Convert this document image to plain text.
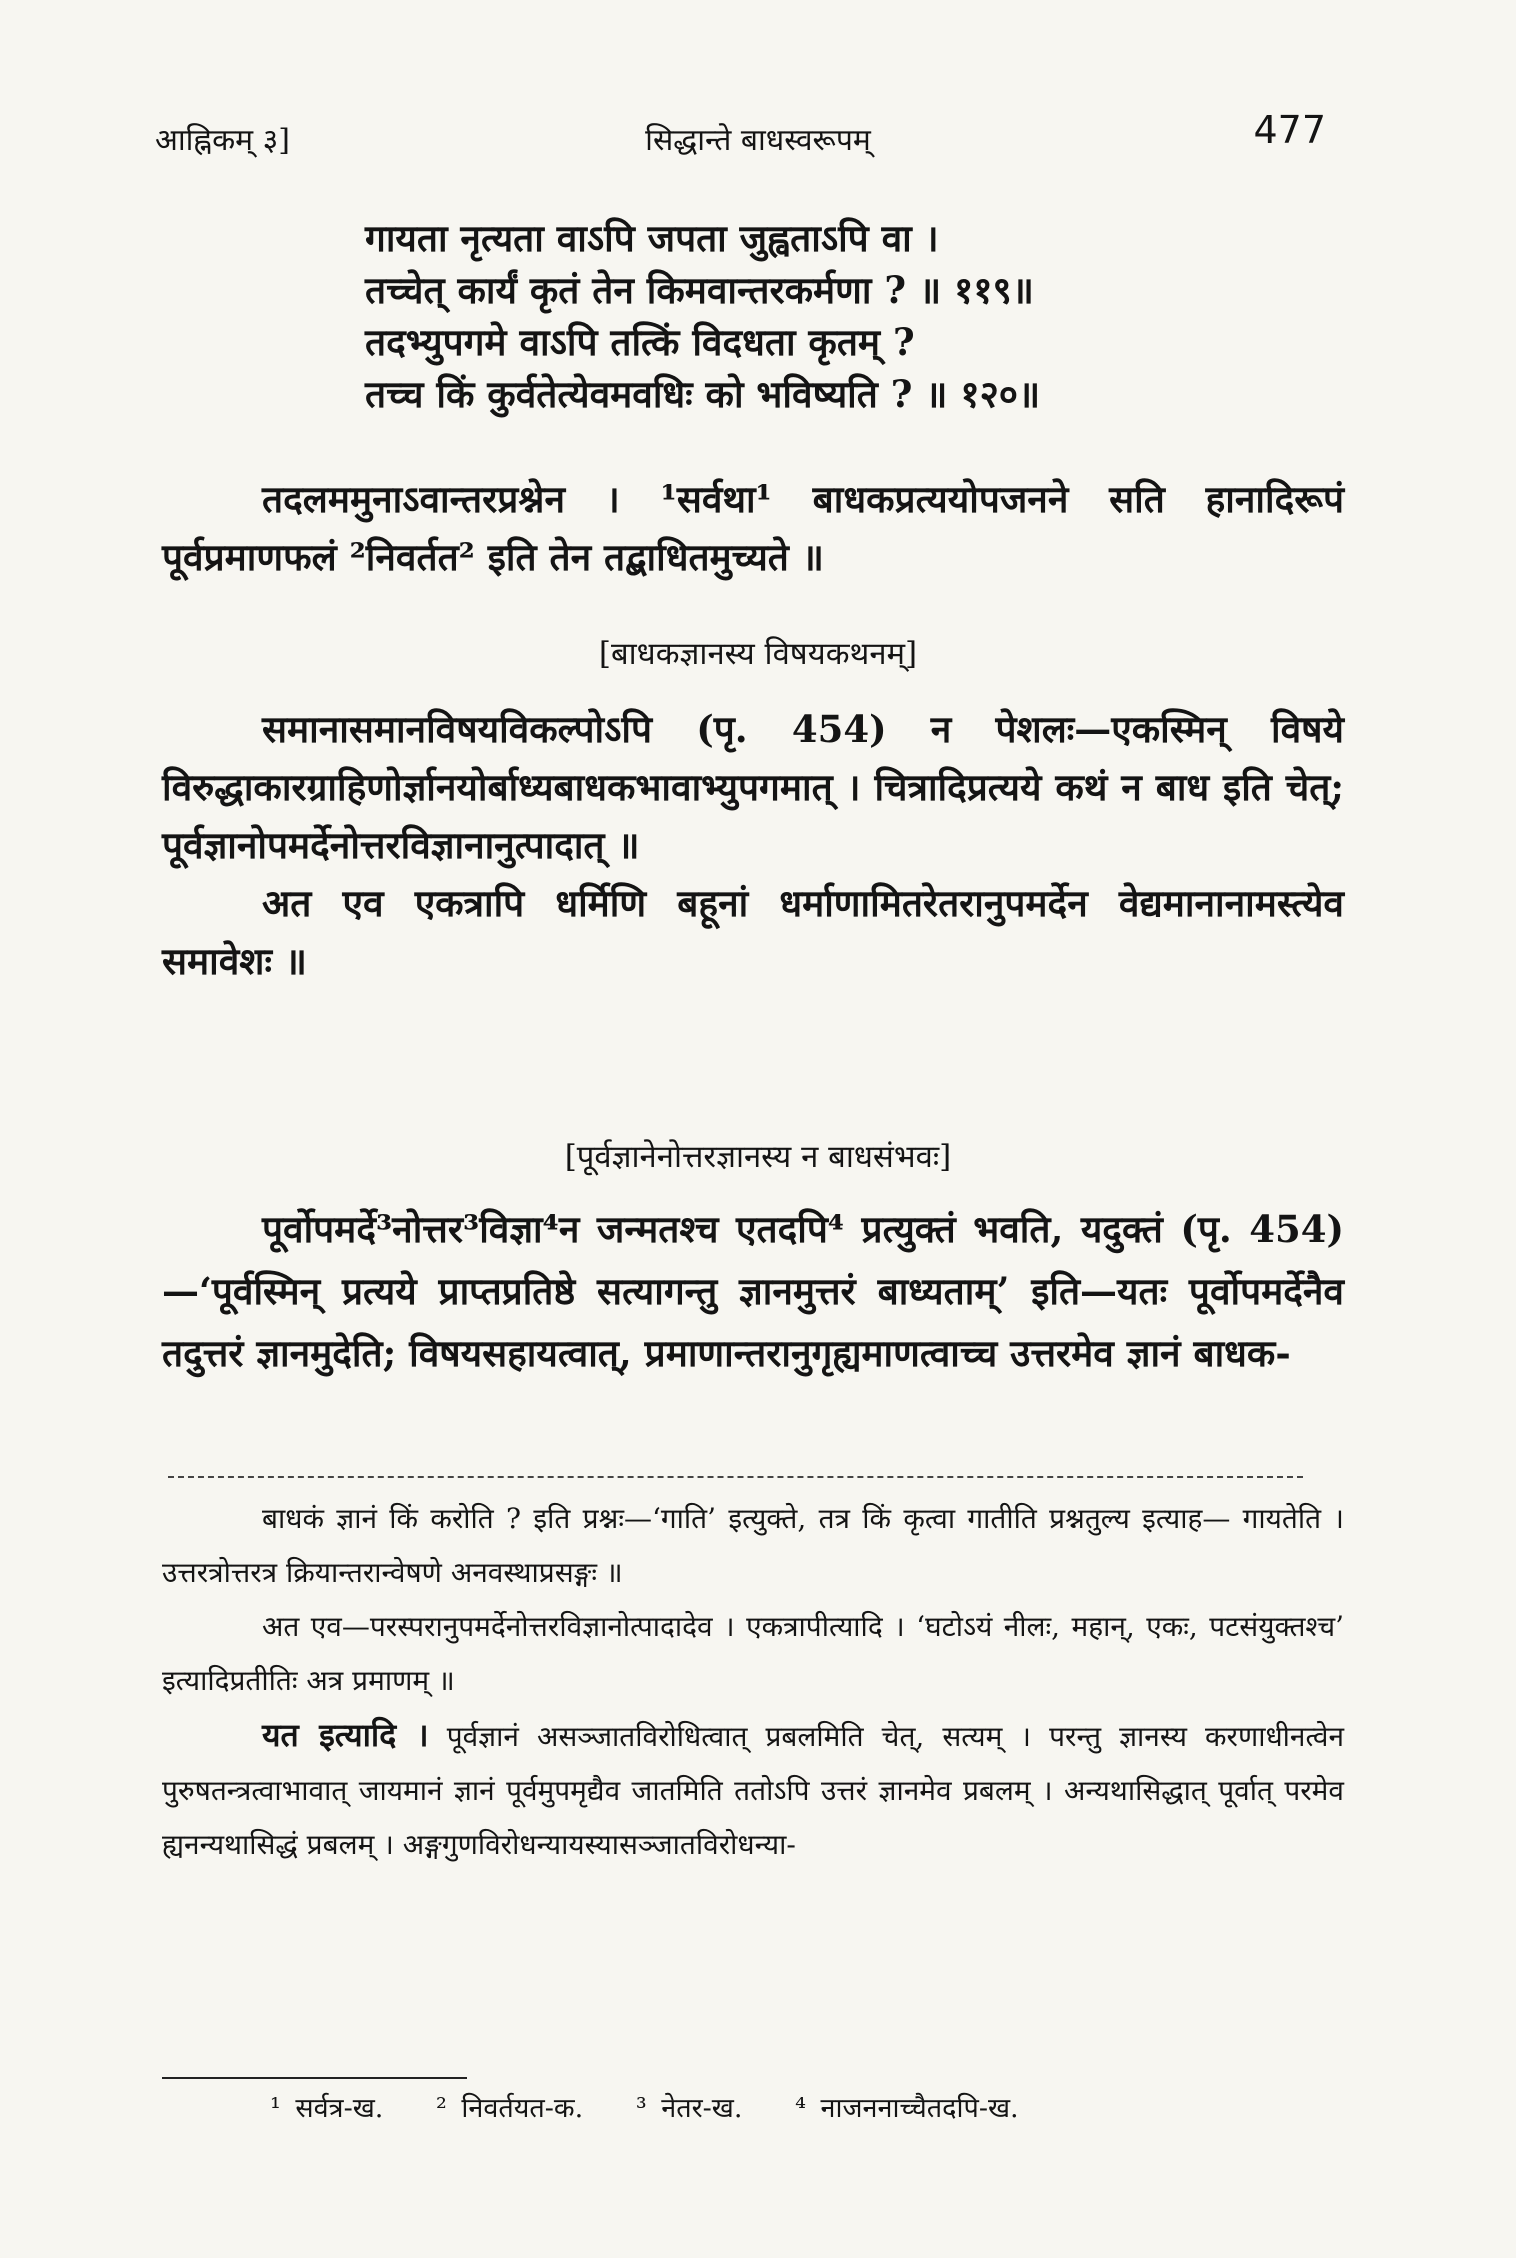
आह्निकम् ३]	सिद्धान्ते बाधस्वरूपम्	477
गायता नृत्यता वाऽपि जपता जुह्वताऽपि वा ।
तच्चेत् कार्यं कृतं तेन किमवान्तरकर्मणा ? ॥ ११९॥
तदभ्युपगमे वाऽपि तत्किं विदधता कृतम् ?
तच्च किं कुर्वतेत्येवमवधिः को भविष्यति ? ॥ १२०॥

तदलममुनाऽवान्तरप्रश्नेन । ¹सर्वथा¹ बाधकप्रत्ययोपजनने सति हानादिरूपं पूर्वप्रमाणफलं ²निवर्तत² इति तेन तद्बाधितमुच्यते ॥

[बाधकज्ञानस्य विषयकथनम्]

समानासमानविषयविकल्पोऽपि (पृ. 454) न पेशलः—एकस्मिन् विषये विरुद्धाकारग्राहिणोर्ज्ञानयोर्बाध्यबाधकभावाभ्युपगमात् । चित्रादिप्रत्यये कथं न बाध इति चेत्; पूर्वज्ञानोपमर्देनोत्तरविज्ञानानुत्पादात् ॥

अत एव एकत्रापि धर्मिणि बहूनां धर्माणामितरेतरानुपमर्देन वेद्यमानानामस्त्येव समावेशः ॥

[पूर्वज्ञानेनोत्तरज्ञानस्य न बाधसंभवः]

पूर्वोपमर्दे³नोत्तर³विज्ञा⁴न जन्मतश्च एतदपि⁴ प्रत्युक्तं भवति, यदुक्तं (पृ. 454)—‘पूर्वस्मिन् प्रत्यये प्राप्तप्रतिष्ठे सत्यागन्तु ज्ञानमुत्तरं बाध्यताम्’ इति—यतः पूर्वोपमर्देनैव तदुत्तरं ज्ञानमुदेति; विषयसहायत्वात्, प्रमाणान्तरानुगृह्यमाणत्वाच्च उत्तरमेव ज्ञानं बाधक-

बाधकं ज्ञानं किं करोति ? इति प्रश्नः—‘गाति’ इत्युक्ते, तत्र किं कृत्वा गातीति प्रश्नतुल्य इत्याह— गायतेति । उत्तरत्रोत्तरत्र क्रियान्तरान्वेषणे अनवस्थाप्रसङ्गः ॥

अत एव—परस्परानुपमर्देनोत्तरविज्ञानोत्पादादेव । एकत्रापीत्यादि । ‘घटोऽयं नीलः, महान्, एकः, पटसंयुक्तश्च’ इत्यादिप्रतीतिः अत्र प्रमाणम् ॥

यत इत्यादि । पूर्वज्ञानं असञ्जातविरोधित्वात् प्रबलमिति चेत्, सत्यम् । परन्तु ज्ञानस्य करणाधीनत्वेन पुरुषतन्त्रत्वाभावात् जायमानं ज्ञानं पूर्वमुपमृद्यैव जातमिति ततोऽपि उत्तरं ज्ञानमेव प्रबलम् । अन्यथासिद्धात् पूर्वात् परमेव ह्यनन्यथासिद्धं प्रबलम् । अङ्गगुणविरोधन्यायस्यासञ्जातविरोधन्या-

¹ सर्वत्र-ख. ² निवर्तयत-क. ³ नेतर-ख. ⁴ नाजननाच्चैतदपि-ख.
